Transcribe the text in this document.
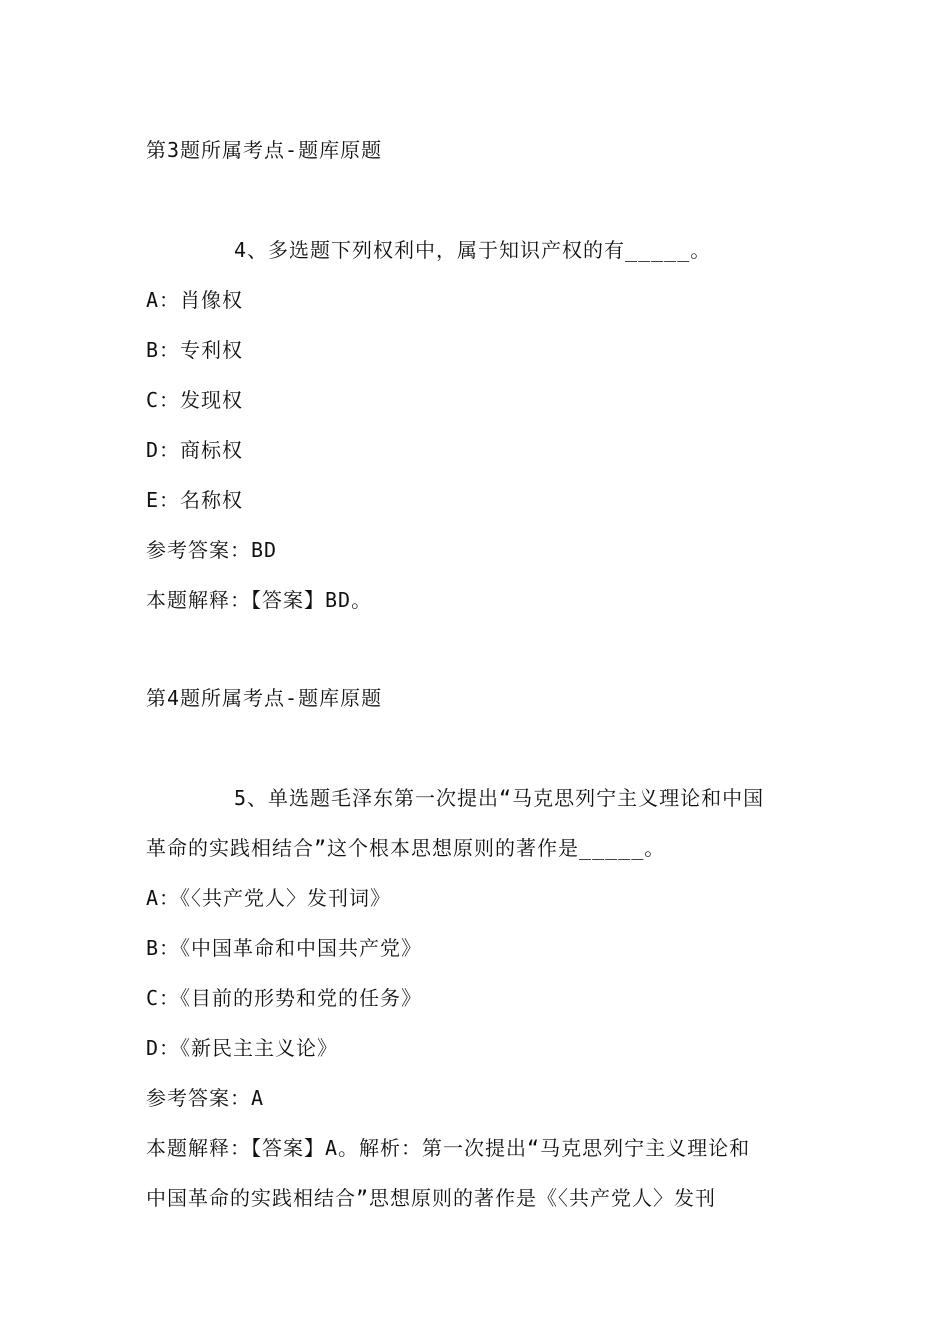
第3题所属考点-题库原题
4、多选题下列权利中，属于知识产权的有_____。
A：肖像权
B：专利权
C：发现权
D：商标权
E：名称权
参考答案：BD
本题解释：【答案】BD。
第4题所属考点-题库原题
5、单选题毛泽东第一次提出“马克思列宁主义理论和中国
革命的实践相结合”这个根本思想原则的著作是_____。
A：《〈共产党人〉发刊词》
B：《中国革命和中国共产党》
C：《目前的形势和党的任务》
D：《新民主主义论》
参考答案：A
本题解释：【答案】A。解析：第一次提出“马克思列宁主义理论和
中国革命的实践相结合”思想原则的著作是《〈共产党人〉发刊
